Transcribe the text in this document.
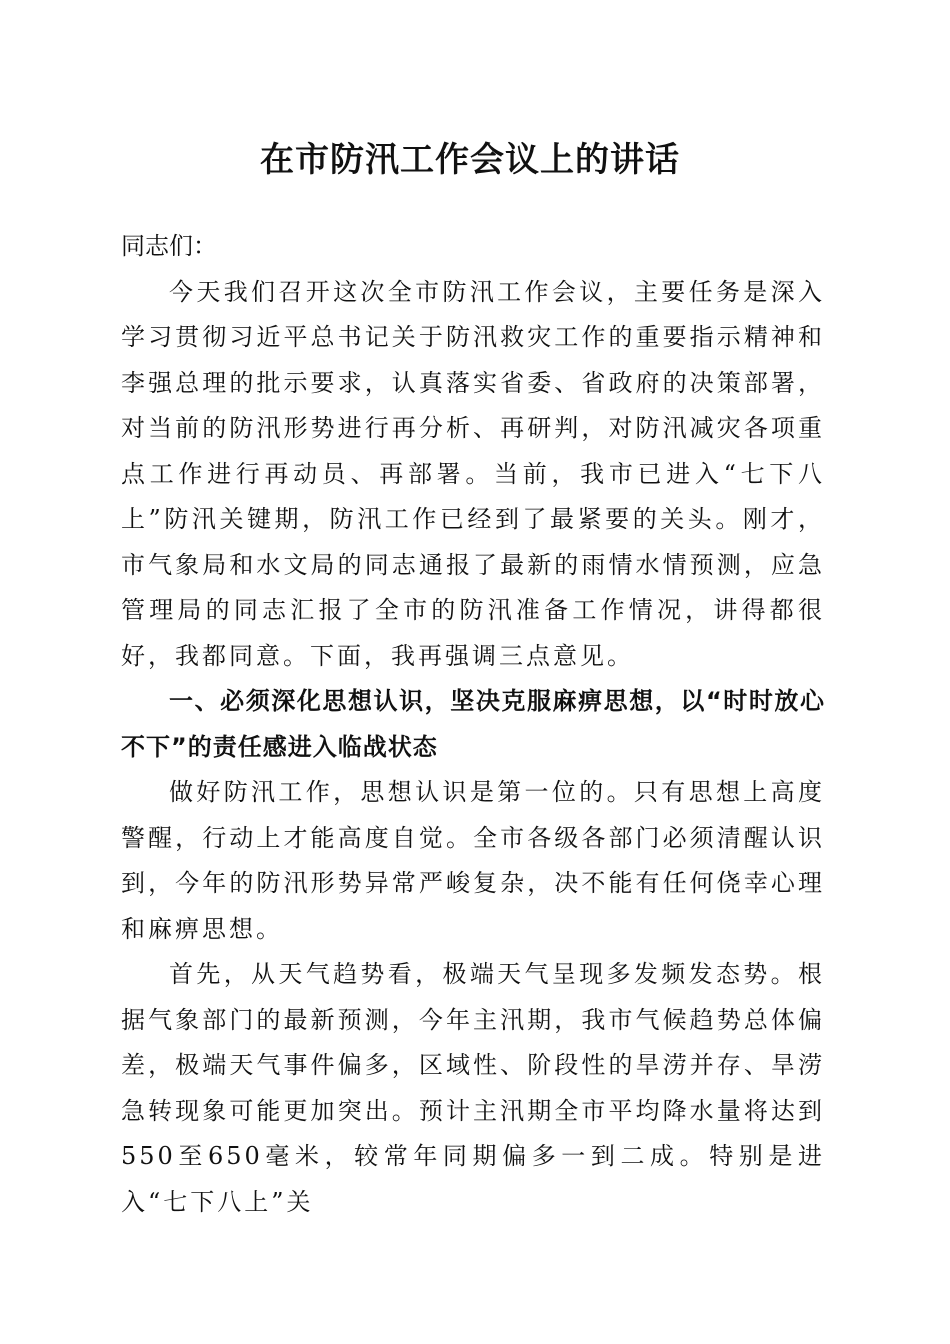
在市防汛工作会议上的讲话

同志们：

今天我们召开这次全市防汛工作会议，主要任务是深入学习贯彻习近平总书记关于防汛救灾工作的重要指示精神和李强总理的批示要求，认真落实省委、省政府的决策部署，对当前的防汛形势进行再分析、再研判，对防汛减灾各项重点工作进行再动员、再部署。当前，我市已进入“七下八上”防汛关键期，防汛工作已经到了最紧要的关头。刚才，市气象局和水文局的同志通报了最新的雨情水情预测，应急管理局的同志汇报了全市的防汛准备工作情况，讲得都很好，我都同意。下面，我再强调三点意见。

一、必须深化思想认识，坚决克服麻痹思想，以“时时放心不下”的责任感进入临战状态

做好防汛工作，思想认识是第一位的。只有思想上高度警醒，行动上才能高度自觉。全市各级各部门必须清醒认识到，今年的防汛形势异常严峻复杂，决不能有任何侥幸心理和麻痹思想。

首先，从天气趋势看，极端天气呈现多发频发态势。根据气象部门的最新预测，今年主汛期，我市气候趋势总体偏差，极端天气事件偏多，区域性、阶段性的旱涝并存、旱涝急转现象可能更加突出。预计主汛期全市平均降水量将达到550至650毫米，较常年同期偏多一到二成。特别是进入“七下八上”关
